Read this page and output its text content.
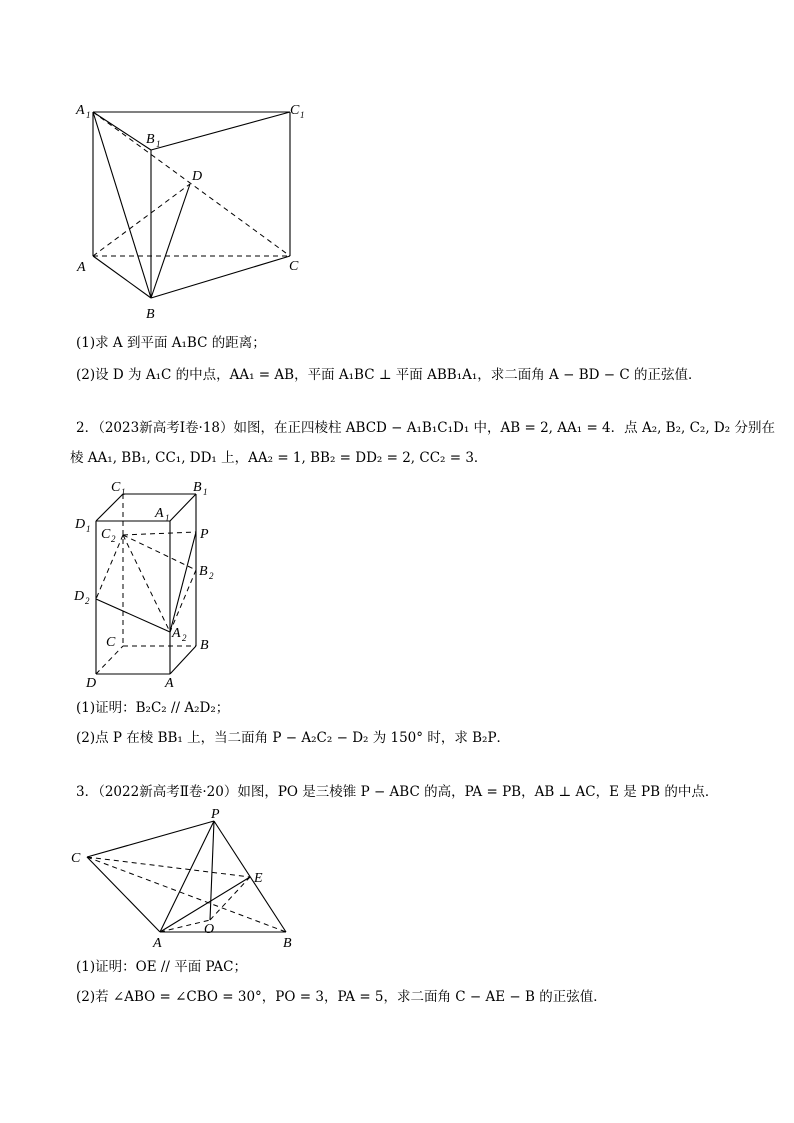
A 1
B 1
C 1
D
A
B
C
(1)求 A 到平面 A₁BC 的距离；
(2)设 D 为 A₁C 的中点，AA₁ = AB，平面 A₁BC ⊥ 平面 ABB₁A₁，求二面角 A − BD − C 的正弦值．
2．（2023新高考Ⅰ卷·18）如图，在正四棱柱 ABCD − A₁B₁C₁D₁ 中，AB = 2, AA₁ = 4．点 A₂, B₂, C₂, D₂ 分别在
棱 AA₁, BB₁, CC₁, DD₁ 上，AA₂ = 1, BB₂ = DD₂ = 2, CC₂ = 3．
C 1	B 1
A 1
D 1 C 2	P
B 2
D 2
A 2
C	B
D	A
(1)证明：B₂C₂ // A₂D₂；
(2)点 P 在棱 BB₁ 上，当二面角 P − A₂C₂ − D₂ 为 150° 时，求 B₂P．
3．（2022新高考Ⅱ卷·20）如图，PO 是三棱锥 P − ABC 的高，PA = PB，AB ⊥ AC，E 是 PB 的中点．
P
C
E
O
A	B
(1)证明：OE // 平面 PAC；
(2)若 ∠ABO = ∠CBO = 30°，PO = 3，PA = 5，求二面角 C − AE − B 的正弦值．
